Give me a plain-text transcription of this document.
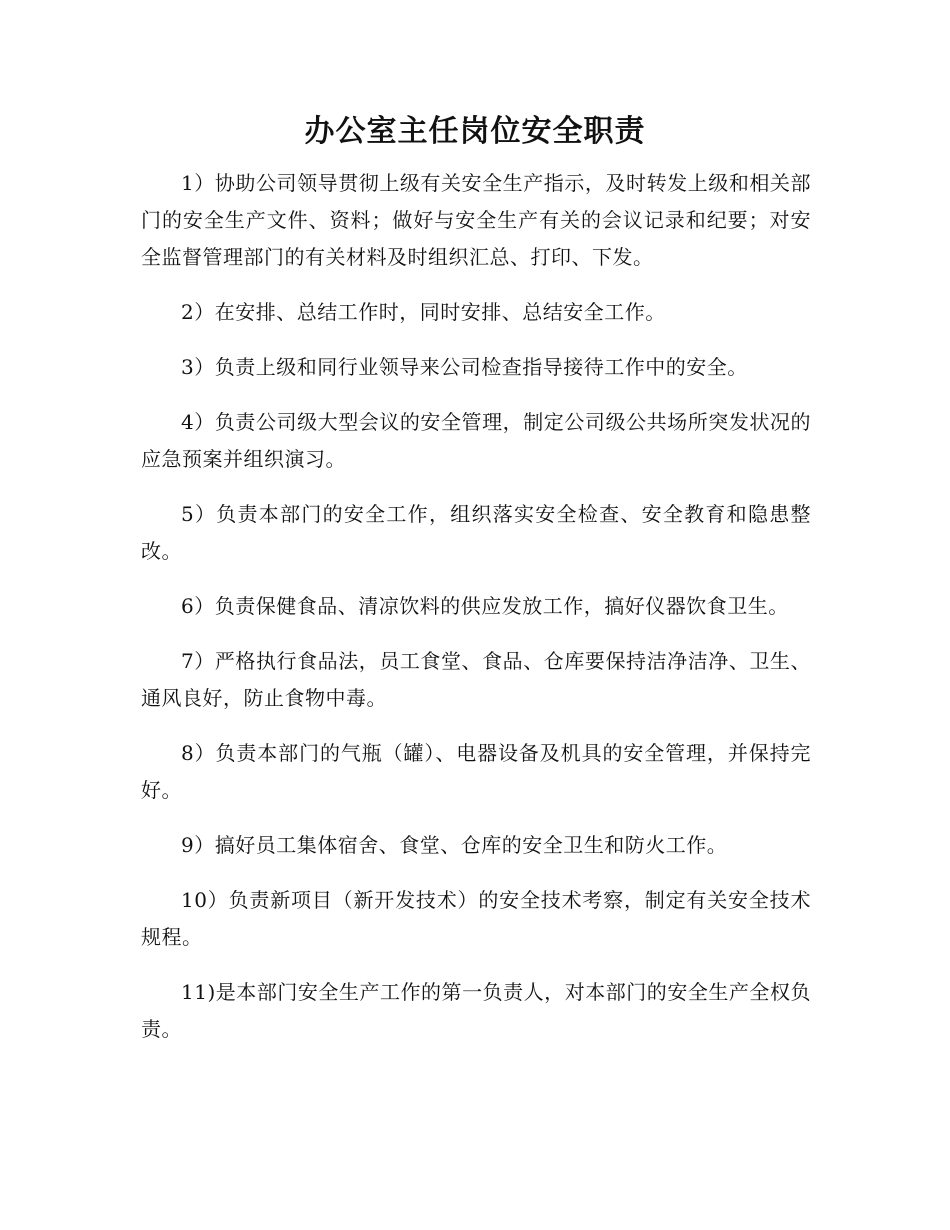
办公室主任岗位安全职责

1）协助公司领导贯彻上级有关安全生产指示，及时转发上级和相关部门的安全生产文件、资料；做好与安全生产有关的会议记录和纪要；对安全监督管理部门的有关材料及时组织汇总、打印、下发。

2）在安排、总结工作时，同时安排、总结安全工作。

3）负责上级和同行业领导来公司检查指导接待工作中的安全。

4）负责公司级大型会议的安全管理，制定公司级公共场所突发状况的应急预案并组织演习。

5）负责本部门的安全工作，组织落实安全检查、安全教育和隐患整改。

6）负责保健食品、清凉饮料的供应发放工作，搞好仪器饮食卫生。

7）严格执行食品法，员工食堂、食品、仓库要保持洁净洁净、卫生、通风良好，防止食物中毒。

8）负责本部门的气瓶（罐）、电器设备及机具的安全管理，并保持完好。

9）搞好员工集体宿舍、食堂、仓库的安全卫生和防火工作。

10）负责新项目（新开发技术）的安全技术考察，制定有关安全技术规程。

11)是本部门安全生产工作的第一负责人，对本部门的安全生产全权负责。
